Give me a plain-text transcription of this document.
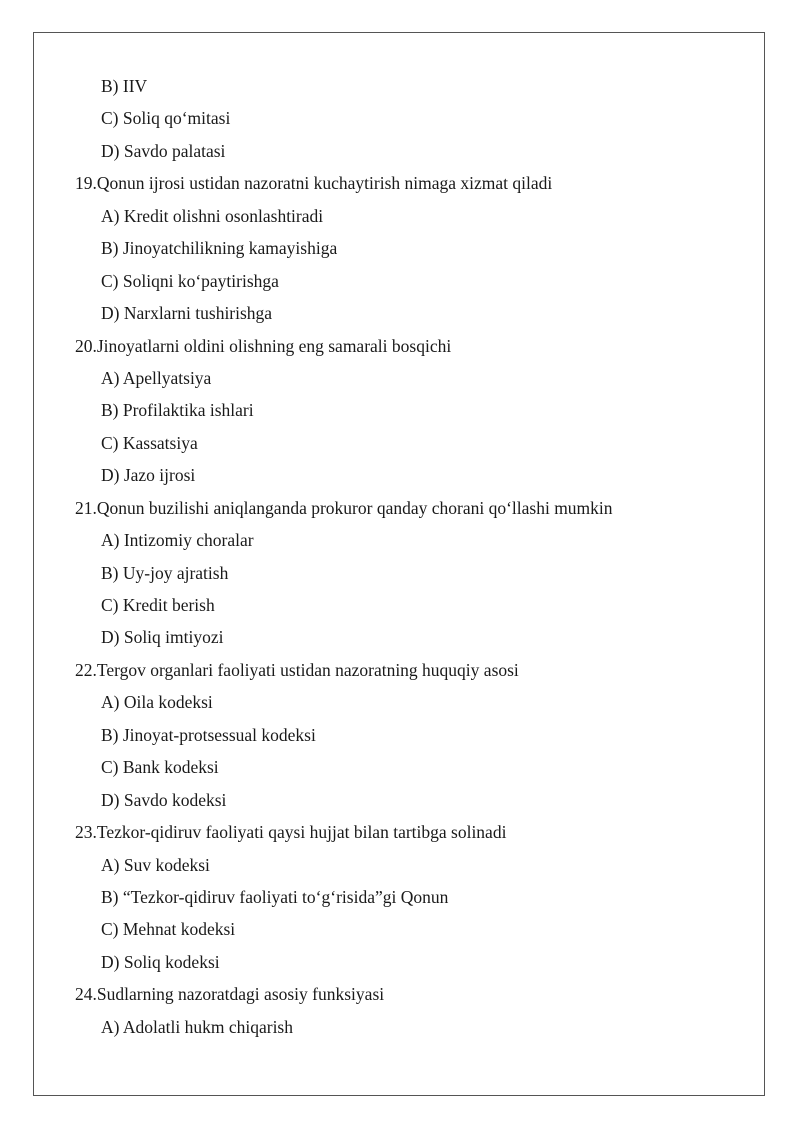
B) IIV
C) Soliq qo‘mitasi
D) Savdo palatasi
19.Qonun ijrosi ustidan nazoratni kuchaytirish nimaga xizmat qiladi
A) Kredit olishni osonlashtiradi
B) Jinoyatchilikning kamayishiga
C) Soliqni ko‘paytirishga
D) Narxlarni tushirishga
20.Jinoyatlarni oldini olishning eng samarali bosqichi
A) Apellyatsiya
B) Profilaktika ishlari
C) Kassatsiya
D) Jazo ijrosi
21.Qonun buzilishi aniqlanganda prokuror qanday chorani qo‘llashi mumkin
A) Intizomiy choralar
B) Uy-joy ajratish
C) Kredit berish
D) Soliq imtiyozi
22.Tergov organlari faoliyati ustidan nazoratning huquqiy asosi
A) Oila kodeksi
B) Jinoyat-protsessual kodeksi
C) Bank kodeksi
D) Savdo kodeksi
23.Tezkor-qidiruv faoliyati qaysi hujjat bilan tartibga solinadi
A) Suv kodeksi
B) “Tezkor-qidiruv faoliyati to‘g‘risida”gi Qonun
C) Mehnat kodeksi
D) Soliq kodeksi
24.Sudlarning nazoratdagi asosiy funksiyasi
A) Adolatli hukm chiqarish
